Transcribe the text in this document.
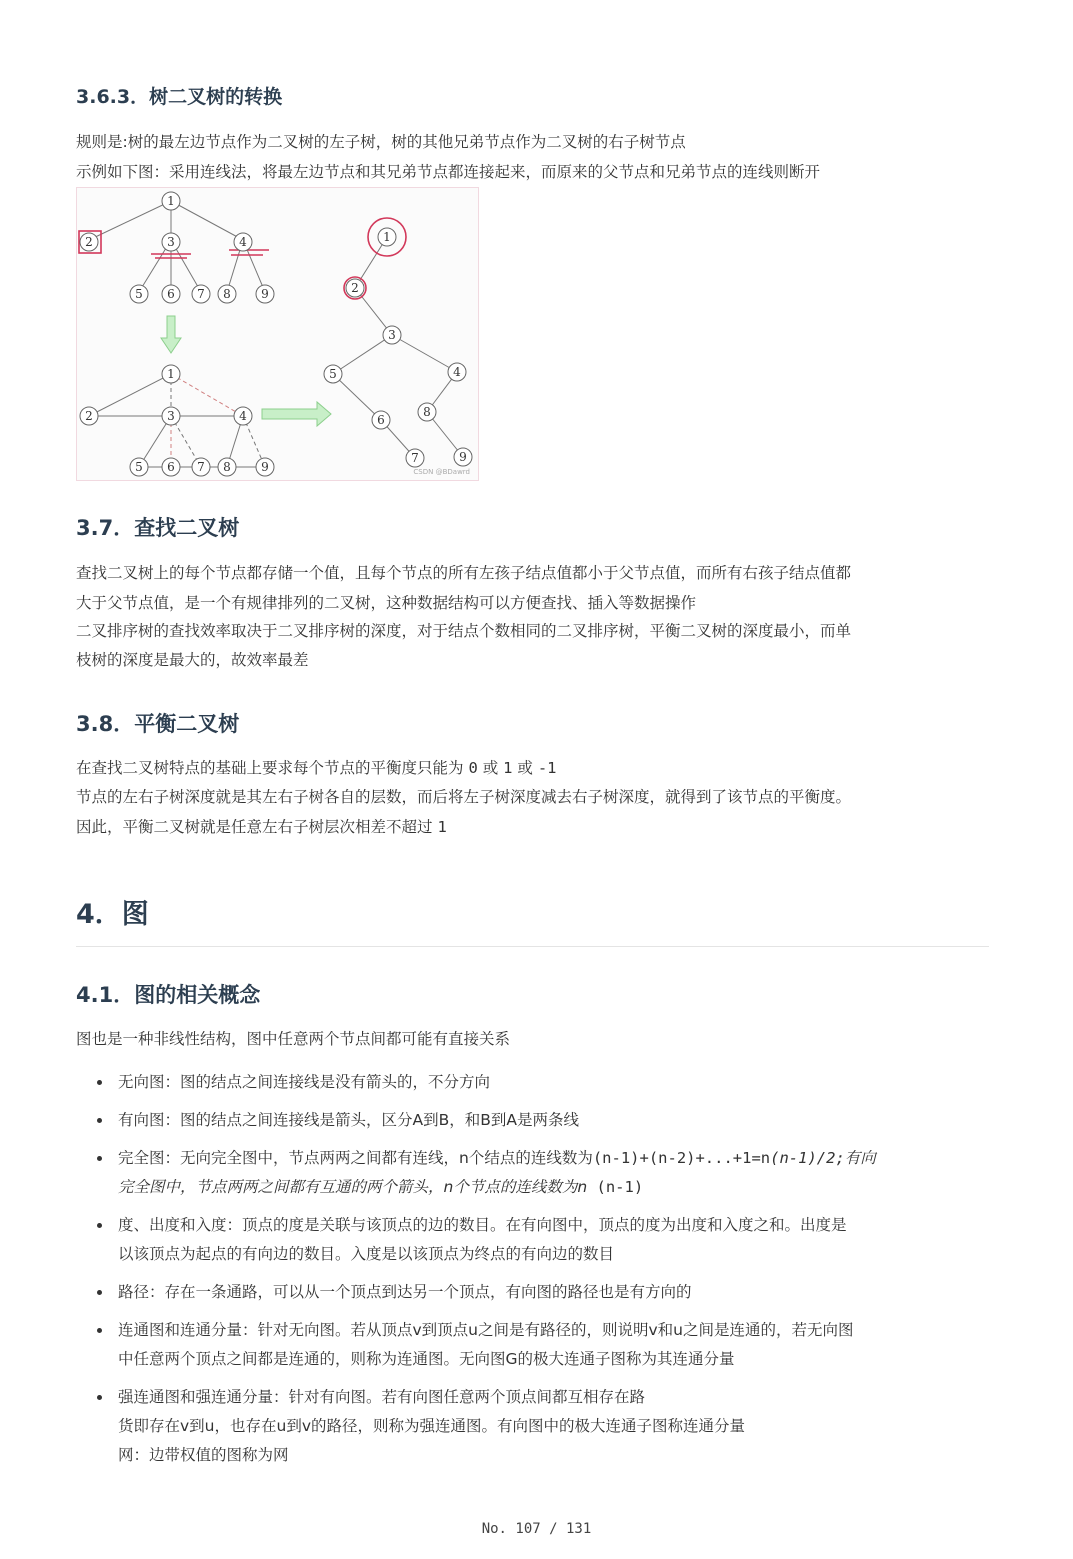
3.6.3．树二叉树的转换

规则是:树的最左边节点作为二叉树的左子树，树的其他兄弟节点作为二叉树的右子树节点

示例如下图：采用连线法，将最左边节点和其兄弟节点都连接起来，而原来的父节点和兄弟节点的连线则断开

1
2	3	4
5 6 7 8	9
1
2	3	4
5 6 7 8	9
1
2
3
5	4
6
8
7	9
CSDN @BDawrd
3.7．查找二叉树

查找二叉树上的每个节点都存储一个值，且每个节点的所有左孩子结点值都小于父节点值，而所有右孩子结点值都

大于父节点值，是一个有规律排列的二叉树，这种数据结构可以方便查找、插入等数据操作

二叉排序树的查找效率取决于二叉排序树的深度，对于结点个数相同的二叉排序树，平衡二叉树的深度最小，而单

枝树的深度是最大的，故效率最差

3.8．平衡二叉树

在查找二叉树特点的基础上要求每个节点的平衡度只能为 0 或 1 或 -1

节点的左右子树深度就是其左右子树各自的层数，而后将左子树深度减去右子树深度，就得到了该节点的平衡度。

因此，平衡二叉树就是任意左右子树层次相差不超过 1

4．图
4.1．图的相关概念

图也是一种非线性结构，图中任意两个节点间都可能有直接关系

无向图：图的结点之间连接线是没有箭头的，不分方向
有向图：图的结点之间连接线是箭头，区分A到B，和B到A是两条线
完全图：无向完全图中，节点两两之间都有连线，n个结点的连线数为(n-1)+(n-2)+...+1=n(n-1)/2;有向
完全图中，节点两两之间都有互通的两个箭头，n个节点的连线数为n (n-1)
度、出度和入度：顶点的度是关联与该顶点的边的数目。在有向图中，顶点的度为出度和入度之和。出度是
以该顶点为起点的有向边的数目。入度是以该顶点为终点的有向边的数目
路径：存在一条通路，可以从一个顶点到达另一个顶点，有向图的路径也是有方向的
连通图和连通分量：针对无向图。若从顶点v到顶点u之间是有路径的，则说明v和u之间是连通的，若无向图
中任意两个顶点之间都是连通的，则称为连通图。无向图G的极大连通子图称为其连通分量
强连通图和强连通分量：针对有向图。若有向图任意两个顶点间都互相存在路
货即存在v到u，也存在u到v的路径，则称为强连通图。有向图中的极大连通子图称连通分量
网：边带权值的图称为网
No. 107 / 131
